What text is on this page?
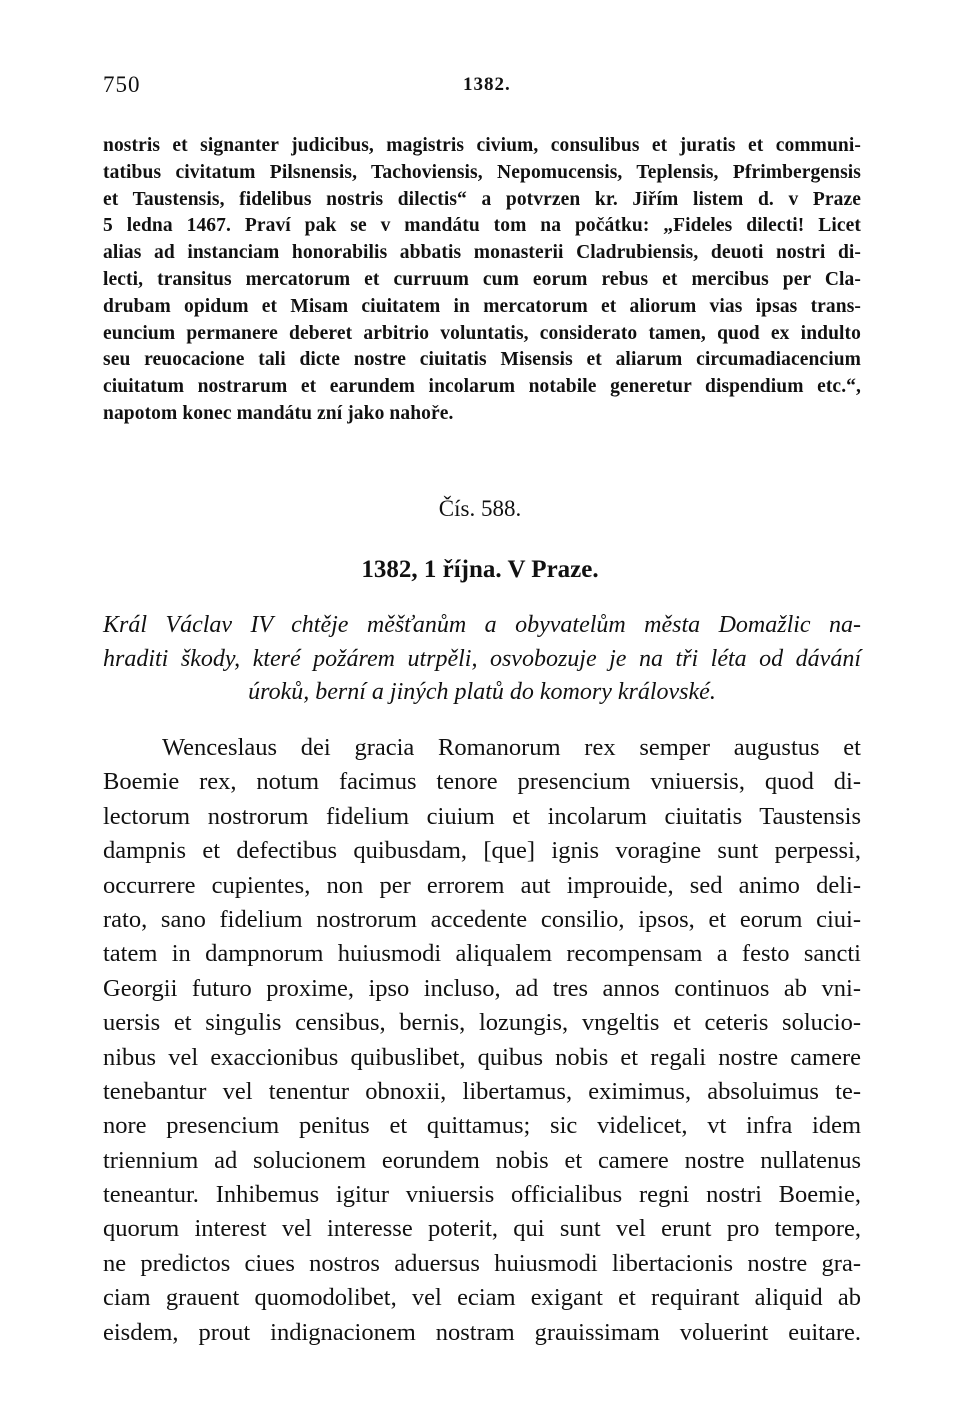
750	1382.
nostris et signanter judicibus, magistris civium, consulibus et juratis et communi-
tatibus civitatum Pilsnensis, Tachoviensis, Nepomucensis, Teplensis, Pfrimbergensis
et Taustensis, fidelibus nostris dilectis“ a potvrzen kr. Jiřím listem d. v Praze
5 ledna 1467. Praví pak se v mandátu tom na počátku: „Fideles dilecti! Licet
alias ad instanciam honorabilis abbatis monasterii Cladrubiensis, deuoti nostri di-
lecti, transitus mercatorum et curruum cum eorum rebus et mercibus per Cla-
drubam opidum et Misam ciuitatem in mercatorum et aliorum vias ipsas trans-
euncium permanere deberet arbitrio voluntatis, considerato tamen, quod ex indulto
seu reuocacione tali dicte nostre ciuitatis Misensis et aliarum circumadiacencium
ciuitatum nostrarum et earundem incolarum notabile generetur dispendium etc.“,
napotom konec mandátu zní jako nahoře.
Čís. 588.
1382, 1 října. V Praze.
Král Václav IV chtěje měšťanům a obyvatelům města Domažlic na-
hraditi škody, které požárem utrpěli, osvobozuje je na tři léta od dávání
úroků, berní a jiných platů do komory královské.
Wenceslaus dei gracia Romanorum rex semper augustus et
Boemie rex, notum facimus tenore presencium vniuersis, quod di-
lectorum nostrorum fidelium ciuium et incolarum ciuitatis Taustensis
dampnis et defectibus quibusdam, [que] ignis voragine sunt perpessi,
occurrere cupientes, non per errorem aut improuide, sed animo deli-
rato, sano fidelium nostrorum accedente consilio, ipsos, et eorum ciui-
tatem in dampnorum huiusmodi aliqualem recompensam a festo sancti
Georgii futuro proxime, ipso incluso, ad tres annos continuos ab vni-
uersis et singulis censibus, bernis, lozungis, vngeltis et ceteris solucio-
nibus vel exaccionibus quibuslibet, quibus nobis et regali nostre camere
tenebantur vel tenentur obnoxii, libertamus, eximimus, absoluimus te-
nore presencium penitus et quittamus; sic videlicet, vt infra idem
triennium ad solucionem eorundem nobis et camere nostre nullatenus
teneantur. Inhibemus igitur vniuersis officialibus regni nostri Boemie,
quorum interest vel interesse poterit, qui sunt vel erunt pro tempore,
ne predictos ciues nostros aduersus huiusmodi libertacionis nostre gra-
ciam grauent quomodolibet, vel eciam exigant et requirant aliquid ab
eisdem, prout indignacionem nostram grauissimam voluerint euitare.
